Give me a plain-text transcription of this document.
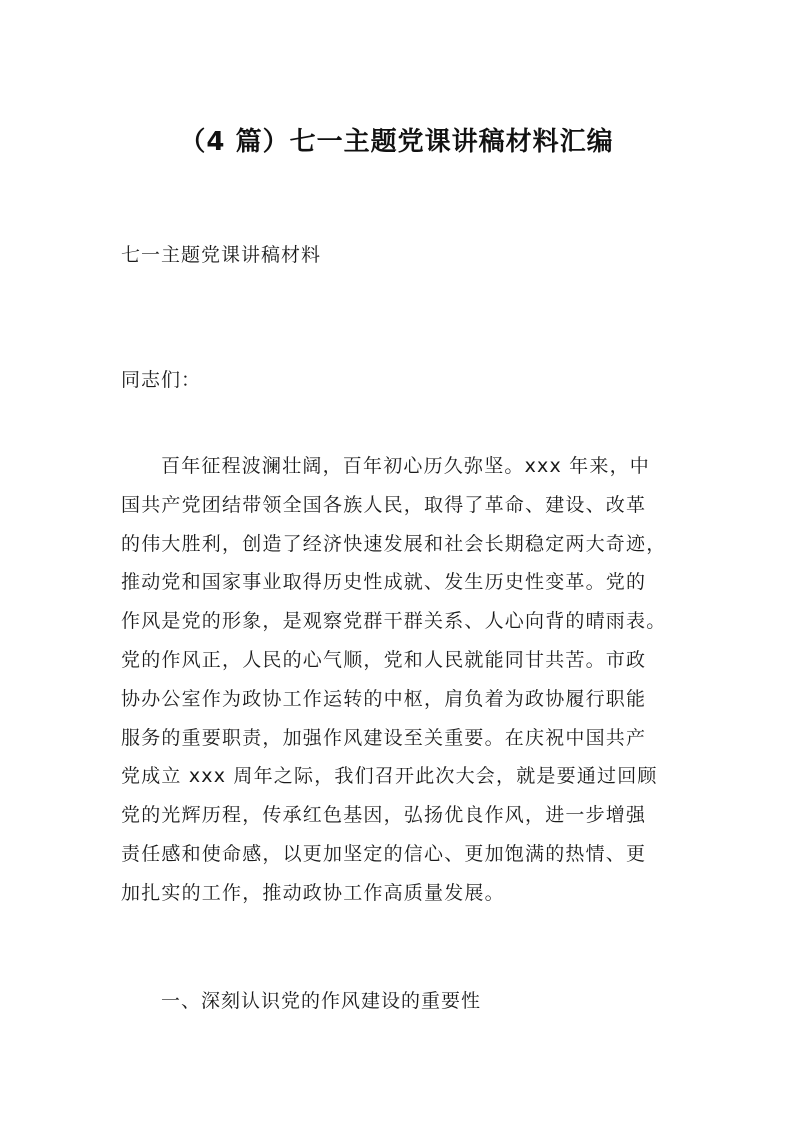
（4 篇）七一主题党课讲稿材料汇编
七一主题党课讲稿材料
同志们：
百年征程波澜壮阔，百年初心历久弥坚。xxx 年来，中
国共产党团结带领全国各族人民，取得了革命、建设、改革
的伟大胜利，创造了经济快速发展和社会长期稳定两大奇迹，
推动党和国家事业取得历史性成就、发生历史性变革。党的
作风是党的形象，是观察党群干群关系、人心向背的晴雨表。
党的作风正，人民的心气顺，党和人民就能同甘共苦。市政
协办公室作为政协工作运转的中枢，肩负着为政协履行职能
服务的重要职责，加强作风建设至关重要。在庆祝中国共产
党成立 xxx 周年之际，我们召开此次大会，就是要通过回顾
党的光辉历程，传承红色基因，弘扬优良作风，进一步增强
责任感和使命感，以更加坚定的信心、更加饱满的热情、更
加扎实的工作，推动政协工作高质量发展。
一、深刻认识党的作风建设的重要性
